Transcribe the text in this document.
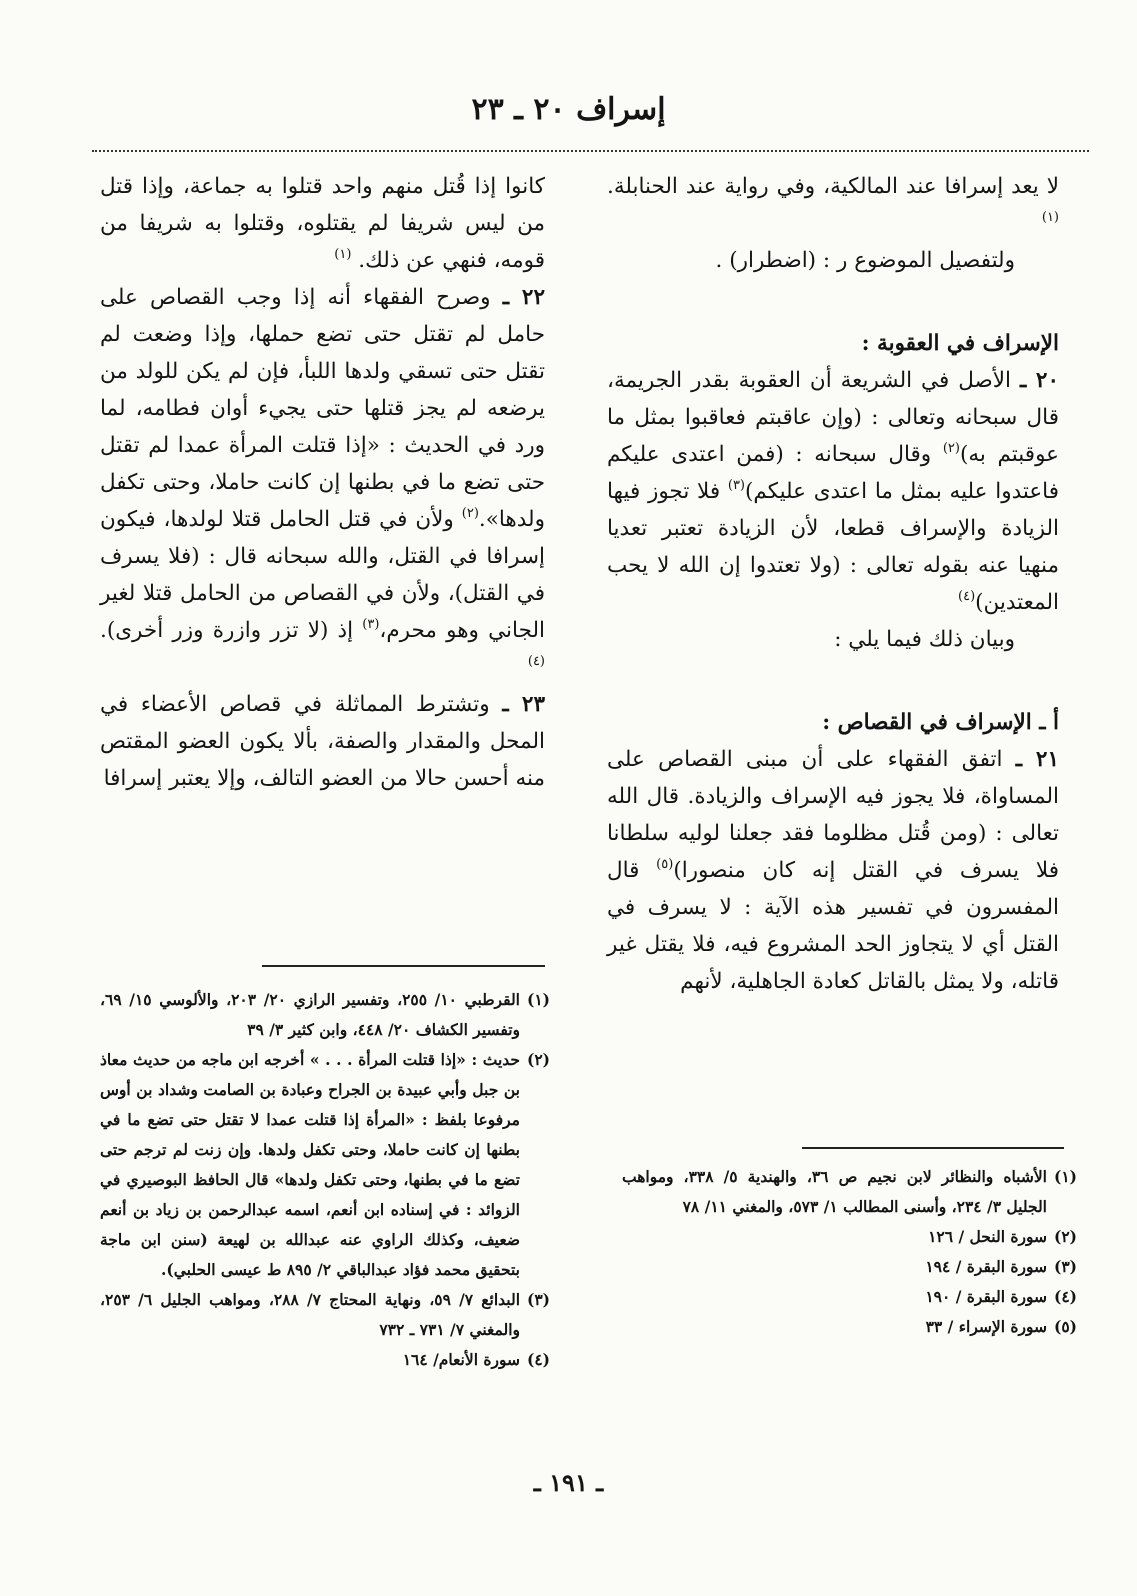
إسراف ٢٠ ـ ٢٣

لا يعد إسرافا عند المالكية، وفي رواية عند الحنابلة. $^{(١)}$

ولتفصيل الموضوع ر : (اضطرار) .

الإسراف في العقوبة :

٢٠ ـ الأصل في الشريعة أن العقوبة بقدر الجريمة، قال سبحانه وتعالى : (وإن عاقبتم فعاقبوا بمثل ما عوقبتم به)$^{(٢)}$ وقال سبحانه : (فمن اعتدى عليكم فاعتدوا عليه بمثل ما اعتدى عليكم)$^{(٣)}$ فلا تجوز فيها الزيادة والإسراف قطعا، لأن الزيادة تعتبر تعديا منهيا عنه بقوله تعالى : (ولا تعتدوا إن الله لا يحب المعتدين)$^{(٤)}$

وبيان ذلك فيما يلي :

أ ـ الإسراف في القصاص :

٢١ ـ اتفق الفقهاء على أن مبنى القصاص على المساواة، فلا يجوز فيه الإسراف والزيادة. قال الله تعالى : (ومن قُتل مظلوما فقد جعلنا لوليه سلطانا فلا يسرف في القتل إنه كان منصورا)$^{(٥)}$ قال المفسرون في تفسير هذه الآية : لا يسرف في القتل أي لا يتجاوز الحد المشروع فيه، فلا يقتل غير قاتله، ولا يمثل بالقاتل كعادة الجاهلية، لأنهم

كانوا إذا قُتل منهم واحد قتلوا به جماعة، وإذا قتل من ليس شريفا لم يقتلوه، وقتلوا به شريفا من قومه، فنهي عن ذلك. $^{(١)}$

٢٢ ـ وصرح الفقهاء أنه إذا وجب القصاص على حامل لم تقتل حتى تضع حملها، وإذا وضعت لم تقتل حتى تسقي ولدها اللبأ، فإن لم يكن للولد من يرضعه لم يجز قتلها حتى يجيء أوان فطامه، لما ورد في الحديث : «إذا قتلت المرأة عمدا لم تقتل حتى تضع ما في بطنها إن كانت حاملا، وحتى تكفل ولدها».$^{(٢)}$ ولأن في قتل الحامل قتلا لولدها، فيكون إسرافا في القتل، والله سبحانه قال : (فلا يسرف في القتل)، ولأن في القصاص من الحامل قتلا لغير الجاني وهو محرم،$^{(٣)}$ إذ (لا تزر وازرة وزر أخرى). $^{(٤)}$

٢٣ ـ وتشترط المماثلة في قصاص الأعضاء في المحل والمقدار والصفة، بألا يكون العضو المقتص منه أحسن حالا من العضو التالف، وإلا يعتبر إسرافا

(١)
القرطبي ١٠/ ٢٥٥، وتفسير الرازي ٢٠/ ٢٠٣، والألوسي ١٥/ ٦٩، وتفسير الكشاف ٢٠/ ٤٤٨، وابن كثير ٣/ ٣٩

(٢)
حديث : «إذا قتلت المرأة . . . » أخرجه ابن ماجه من حديث معاذ بن جبل وأبي عبيدة بن الجراح وعبادة بن الصامت وشداد بن أوس مرفوعا بلفظ : «المرأة إذا قتلت عمدا لا تقتل حتى تضع ما في بطنها إن كانت حاملا، وحتى تكفل ولدها. وإن زنت لم ترجم حتى تضع ما في بطنها، وحتى تكفل ولدها» قال الحافظ البوصيري في الزوائد : في إسناده ابن أنعم، اسمه عبدالرحمن بن زياد بن أنعم ضعيف، وكذلك الراوي عنه عبدالله بن لهيعة (سنن ابن ماجة بتحقيق محمد فؤاد عبدالباقي ٢/ ٨٩٥ ط عيسى الحلبي).

(٣)
البدائع ٧/ ٥٩، ونهاية المحتاج ٧/ ٢٨٨، ومواهب الجليل ٦/ ٢٥٣، والمغني ٧/ ٧٣١ ـ ٧٣٢

(٤)
سورة الأنعام/ ١٦٤

(١)
الأشباه والنظائر لابن نجيم ص ٣٦، والهندية ٥/ ٣٣٨، ومواهب الجليل ٣/ ٢٣٤، وأسنى المطالب ١/ ٥٧٣، والمغني ١١/ ٧٨

(٢)
سورة النحل / ١٢٦

(٣)
سورة البقرة / ١٩٤

(٤)
سورة البقرة / ١٩٠

(٥)
سورة الإسراء / ٣٣

ـ ١٩١ ـ
